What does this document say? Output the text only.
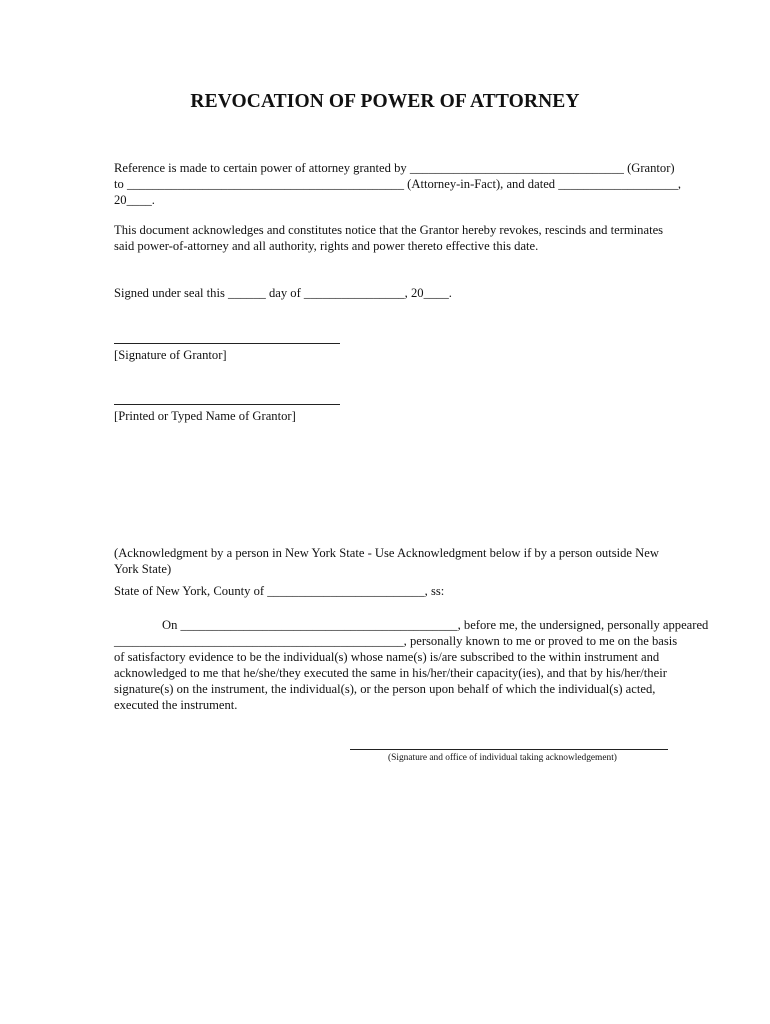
REVOCATION OF POWER OF ATTORNEY
Reference is made to certain power of attorney granted by __________________________________ (Grantor)
to ____________________________________________ (Attorney-in-Fact), and dated ___________________,
20____.
This document acknowledges and constitutes notice that the Grantor hereby revokes, rescinds and terminates
said power-of-attorney and all authority, rights and power thereto effective this date.
Signed under seal this ______ day of ________________, 20____.
[Signature of Grantor]
[Printed or Typed Name of Grantor]
(Acknowledgment by a person in New York State - Use Acknowledgment below if by a person outside New
York State)
State of New York, County of _________________________, ss:
On ____________________________________________, before me, the undersigned, personally appeared
______________________________________________, personally known to me or proved to me on the basis
of satisfactory evidence to be the individual(s) whose name(s) is/are subscribed to the within instrument and
acknowledged to me that he/she/they executed the same in his/her/their capacity(ies), and that by his/her/their
signature(s) on the instrument, the individual(s), or the person upon behalf of which the individual(s) acted,
executed the instrument.
(Signature and office of individual taking acknowledgement)
